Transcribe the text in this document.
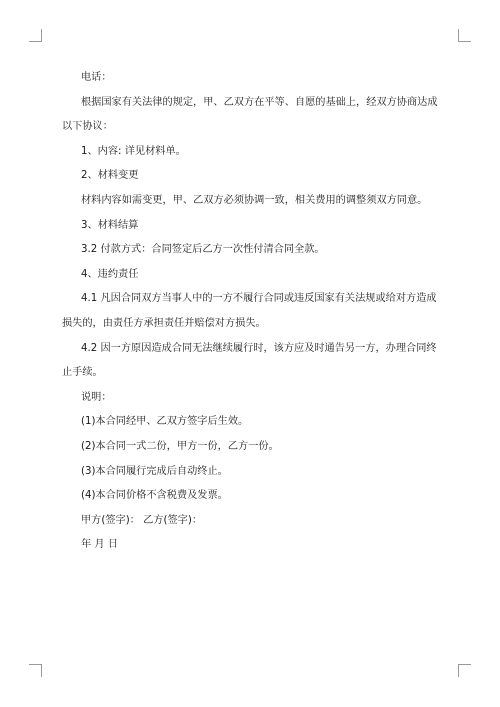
电话：

根据国家有关法律的规定，甲、乙双方在平等、自愿的基础上，经双方协商达成

以下协议：

1、内容: 详见材料单。

2、材料变更

材料内容如需变更，甲、乙双方必须协调一致，相关费用的调整须双方同意。

3、材料结算

3.2 付款方式：合同签定后乙方一次性付清合同全款。

4、违约责任

4.1 凡因合同双方当事人中的一方不履行合同或违反国家有关法规或给对方造成

损失的，由责任方承担责任并赔偿对方损失。

4.2 因一方原因造成合同无法继续履行时，该方应及时通告另一方，办理合同终

止手续。

说明：

(1)本合同经甲、乙双方签字后生效。

(2)本合同一式二份，甲方一份，乙方一份。

(3)本合同履行完成后自动终止。

(4)本合同价格不含税费及发票。

甲方(签字)： 乙方(签字)：

年 月 日
